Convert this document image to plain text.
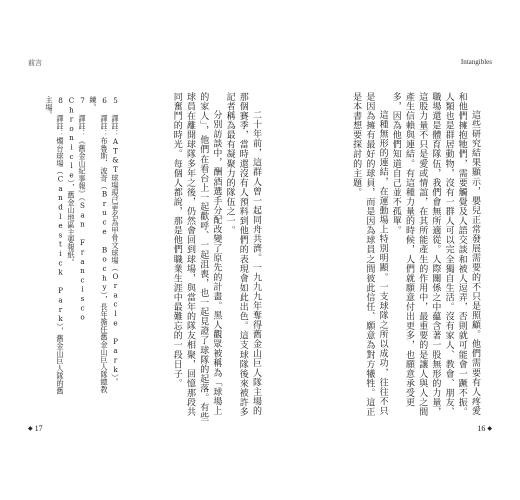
前言	Intangibles

二十年前，這群人曾一起同舟共濟。一九九九年奪得舊金山巨人隊主場的那個賽季，當時還沒有人預料到他們的表現會如此出色。這支球隊後來被許多記者稱為最有凝聚力的隊伍之一。

分別訪談中，酬酒選手分配改變了原先的計畫。黑人觀眾被稱為「球場上的家人」，他們在看台上一起歡呼、一起沮喪，也一起見證了球隊的起落。有些球員在離開球隊多年之後，仍然會回到球場，與當年的隊友相聚，回憶那段共同奮鬥的時光。每個人都說，那是他們職業生涯中最難忘的一段日子。

5 譯註：AT&T球場現已更名為甲骨文球場（Oracle Park）。

6 譯註：布魯斯．波奇（Bruce Bochy），長年擔任舊金山巨人隊總教練。

7 譯註：《舊金山紀事報》（San Francisco Chronicle），舊金山地區主要報紙。

8 譯註：燭台球場（Candlestick Park），舊金山巨人隊的舊主場。

這些研究結果顯示，嬰兒正常發展需要的不只是照顧。他們需要有人疼愛和他們擁抱牠們，需要觸覺及人語交談和被人逗弄，否則就可能會一蹶不振。人類也是群居動物，沒有一群人可以完全獨自生活。沒有家人、教會、朋友、職場還是體育隊伍，我們會無所適從。人際關係之中蘊含著一股無形的力量，這股力量不只是愛或情誼，在其所能產生的作用中，最重要的是讓人與人之間產生信賴與連結。有這種力量的時候，人們就願意付出更多，也願意承受更多，因為他們知道自己並不孤單。

這種無形的連結，在運動場上特別明顯。一支球隊之所以成功，往往不只是因為擁有最好的球員，而是因為球員之間彼此信任、願意為對方犧牲。這正是本書想要探討的主題。

◆ 17	16 ◆
